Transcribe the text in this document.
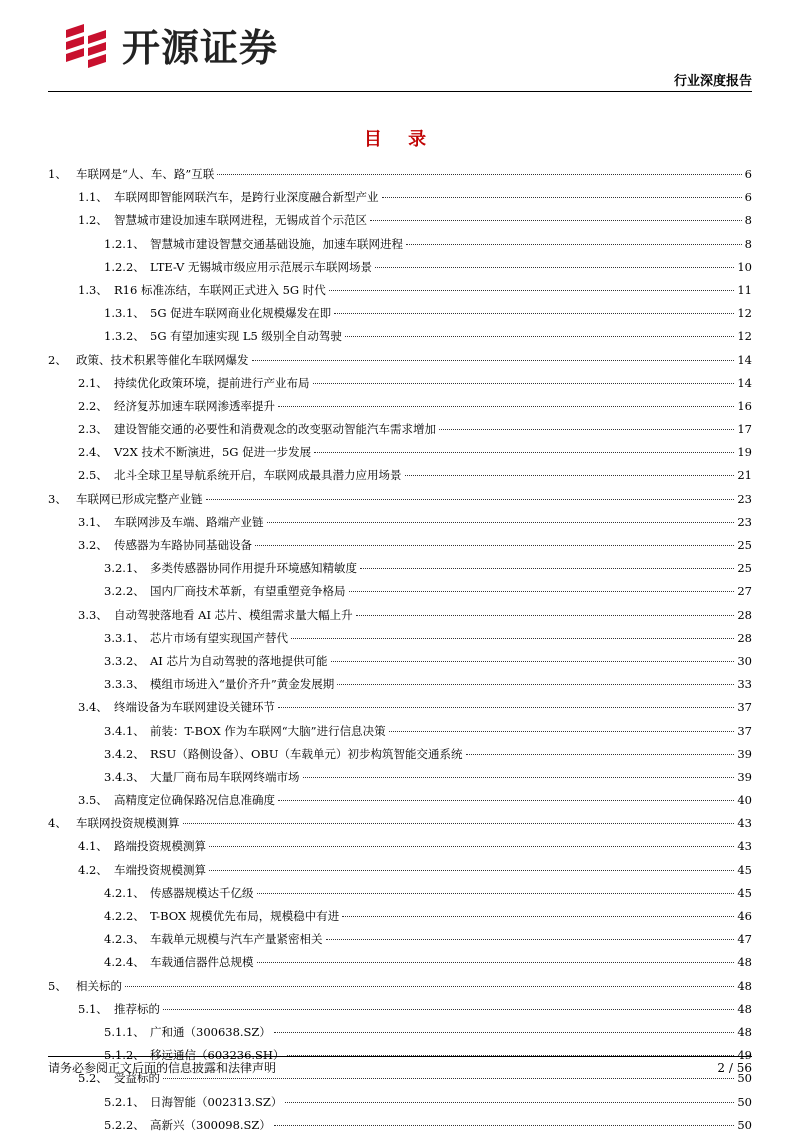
开源证券
行业深度报告
目 录
1、 车联网是“人、车、路”互联	6
1.1、 车联网即智能网联汽车，是跨行业深度融合新型产业	6
1.2、 智慧城市建设加速车联网进程，无锡成首个示范区	8
1.2.1、 智慧城市建设智慧交通基础设施，加速车联网进程	8
1.2.2、 LTE-V 无锡城市级应用示范展示车联网场景	10
1.3、 R16 标准冻结，车联网正式进入 5G 时代	11
1.3.1、 5G 促进车联网商业化规模爆发在即	12
1.3.2、 5G 有望加速实现 L5 级别全自动驾驶	12
2、 政策、技术积累等催化车联网爆发	14
2.1、 持续优化政策环境，提前进行产业布局	14
2.2、 经济复苏加速车联网渗透率提升	16
2.3、 建设智能交通的必要性和消费观念的改变驱动智能汽车需求增加	17
2.4、 V2X 技术不断演进，5G 促进一步发展	19
2.5、 北斗全球卫星导航系统开启，车联网成最具潜力应用场景	21
3、 车联网已形成完整产业链	23
3.1、 车联网涉及车端、路端产业链	23
3.2、 传感器为车路协同基础设备	25
3.2.1、 多类传感器协同作用提升环境感知精敏度	25
3.2.2、 国内厂商技术革新，有望重塑竞争格局	27
3.3、 自动驾驶落地看 AI 芯片、模组需求量大幅上升	28
3.3.1、 芯片市场有望实现国产替代	28
3.3.2、 AI 芯片为自动驾驶的落地提供可能	30
3.3.3、 模组市场进入“量价齐升”黄金发展期	33
3.4、 终端设备为车联网建设关键环节	37
3.4.1、 前装：T-BOX 作为车联网“大脑”进行信息决策	37
3.4.2、 RSU（路侧设备）、OBU（车载单元）初步构筑智能交通系统	39
3.4.3、 大量厂商布局车联网终端市场	39
3.5、 高精度定位确保路况信息准确度	40
4、 车联网投资规模测算	43
4.1、 路端投资规模测算	43
4.2、 车端投资规模测算	45
4.2.1、 传感器规模达千亿级	45
4.2.2、 T-BOX 规模优先布局，规模稳中有进	46
4.2.3、 车载单元规模与汽车产量紧密相关	47
4.2.4、 车载通信器件总规模	48
5、 相关标的	48
5.1、 推荐标的	48
5.1.1、 广和通（300638.SZ）	48
5.1.2、 移远通信（603236.SH）	49
5.2、 受益标的	50
5.2.1、 日海智能（002313.SZ）	50
5.2.2、 高新兴（300098.SZ）	50
请务必参阅正文后面的信息披露和法律声明	2 / 56
